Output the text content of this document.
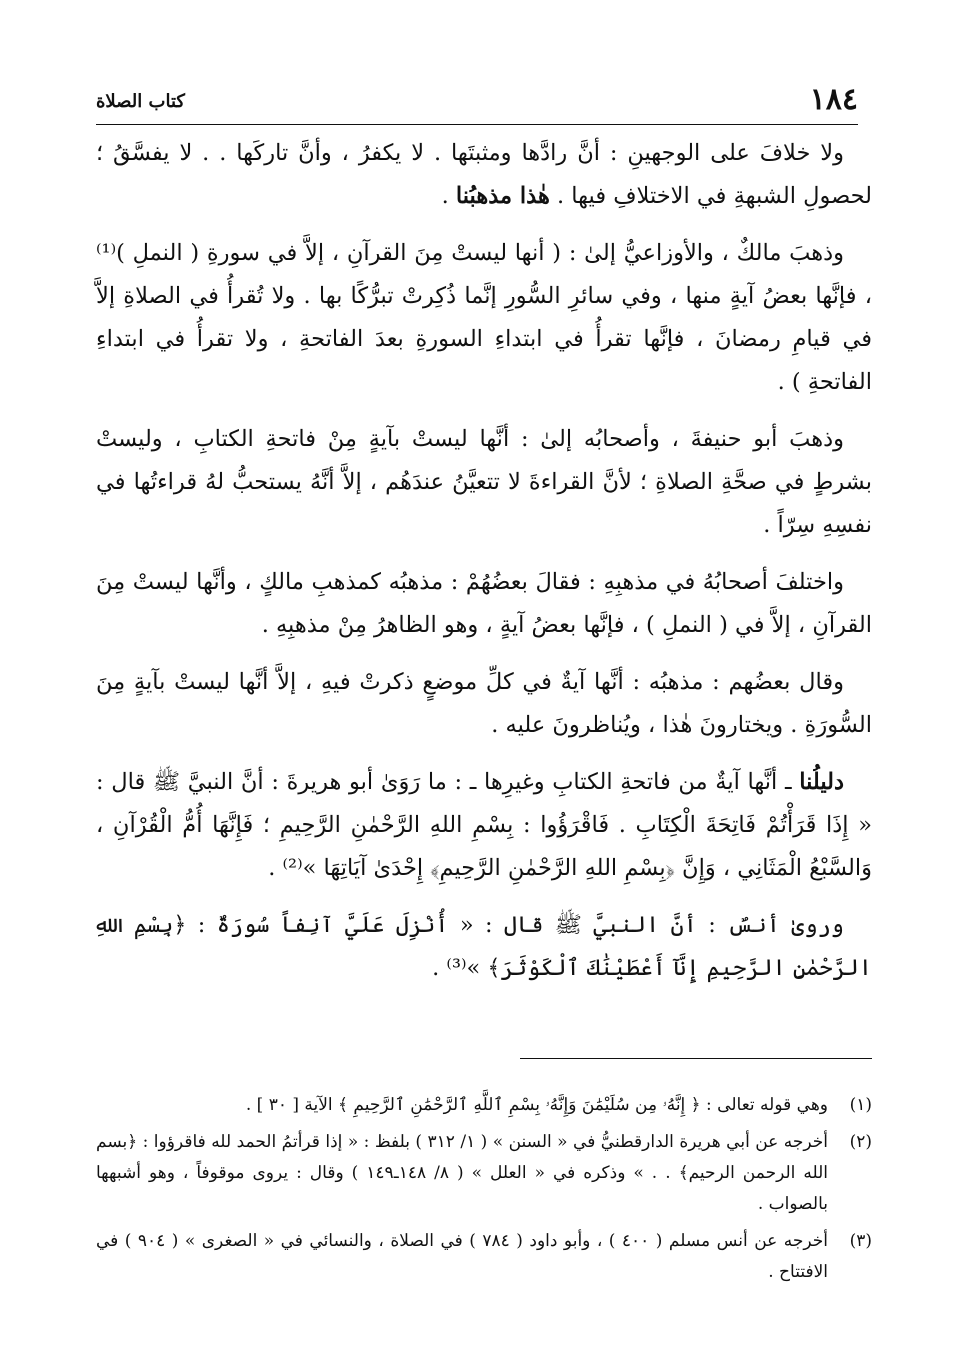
١٨٤
كتاب الصلاة

ولا خلافَ على الوجهينِ : أنَّ رادَّها ومثبتَها . لا يكفرُ ، وأنَّ تاركَها . . لا يفسَّقُ ؛ لحصولِ الشبهةِ في الاختلافِ فيها . هٰذا مذهبُنا .

وذهبَ مالكٌ ، والأوزاعيُّ إلىٰ : ( أنها ليستْ مِنَ القرآنِ ، إلاَّ في سورةِ ( النملِ )⁽¹⁾ ، فإنَّها بعضُ آيةٍ منها ، وفي سائرِ السُّورِ إنَّما ذُكِرتْ تبرُّكًا بها . ولا تُقرأُ في الصلاةِ إلاَّ في قيامِ رمضانَ ، فإنَّها تقرأُ في ابتداءِ السورةِ بعدَ الفاتحةِ ، ولا تقرأُ في ابتداءِ الفاتحةِ ) .

وذهبَ أبو حنيفةَ ، وأصحابُه إلىٰ : أنَّها ليستْ بآيةٍ مِنْ فاتحةِ الكتابِ ، وليستْ بشرطٍ في صحَّةِ الصلاةِ ؛ لأنَّ القراءةَ لا تتعيَّنُ عندَهُم ، إلاَّ أنَّهُ يستحبُّ لهُ قراءتُها في نفسِهِ سِرّاً .

واختلفَ أصحابُهُ في مذهبِهِ : فقالَ بعضُهُمْ : مذهبُه كمذهبِ مالكٍ ، وأنَّها ليستْ مِنَ القرآنِ ، إلاَّ في ( النملِ ) ، فإنَّها بعضُ آيةٍ ، وهو الظاهرُ مِنْ مذهبِهِ .

وقال بعضُهم : مذهبُه : أنَّها آيةٌ في كلِّ موضعٍ ذكرتْ فيهِ ، إلاَّ أنَّها ليستْ بآيةٍ مِنَ السُّورَةِ . ويختارونَ هٰذا ، ويُناظرونَ عليه .

دليلُنا ـ أنَّها آيةٌ من فاتحةِ الكتابِ وغيرِها ـ : ما رَوَىٰ أبو هريرةَ : أنَّ النبيَّ ﷺ قال : « إِذَا قَرَأْتُمْ فَاتِحَةَ الْكِتَابِ . فَاقْرَؤُوا : بِسْمِ اللهِ الرَّحْمٰنِ الرَّحِيمِ ؛ فَإِنَّهَا أُمُّ الْقُرْآنِ ، وَالسَّبْعُ الْمَثَانِي ، وَإِنَّ ﴿بِسْمِ اللهِ الرَّحْمٰنِ الرَّحِيمِ﴾ إِحْدَىٰ آيَاتِهَا »⁽²⁾ .

وروىٰ أنسٌ : أنَّ النبيَّ ﷺ قال : « أُنْزِلَ عَلَيَّ آنِفاً سُورَةٌ : ﴿بِسْمِ اللهِ الرَّحْمٰنِ الرَّحِيمِ إِنَّآ أَعْطَيْنَٰكَ ٱلْكَوْثَرَ﴾ »⁽³⁾ .

(١)
وهي قوله تعالى : ﴿ إِنَّهُۥ مِن سُلَيْمَٰنَ وَإِنَّهُۥ بِسْمِ ٱللَّهِ ٱلرَّحْمَٰنِ ٱلرَّحِيمِ ﴾ الآية [ ٣٠ ] .
(٢)
أخرجه عن أبي هريرة الدارقطنيُّ في « السنن » ( ١/ ٣١٢ ) بلفظ : « إذا قرأتمُ الحمد لله فاقرؤوا : ﴿بسم الله الرحمن الرحيم﴾ . . » وذكره في « العلل » ( ٨/ ١٤٨ـ١٤٩ ) وقال : يروى موقوفاً ، وهو أشبهها بالصواب .
(٣)
أخرجه عن أنس مسلم ( ٤٠٠ ) ، وأبو داود ( ٧٨٤ ) في الصلاة ، والنسائي في « الصغرى » ( ٩٠٤ ) في الافتتاح .
